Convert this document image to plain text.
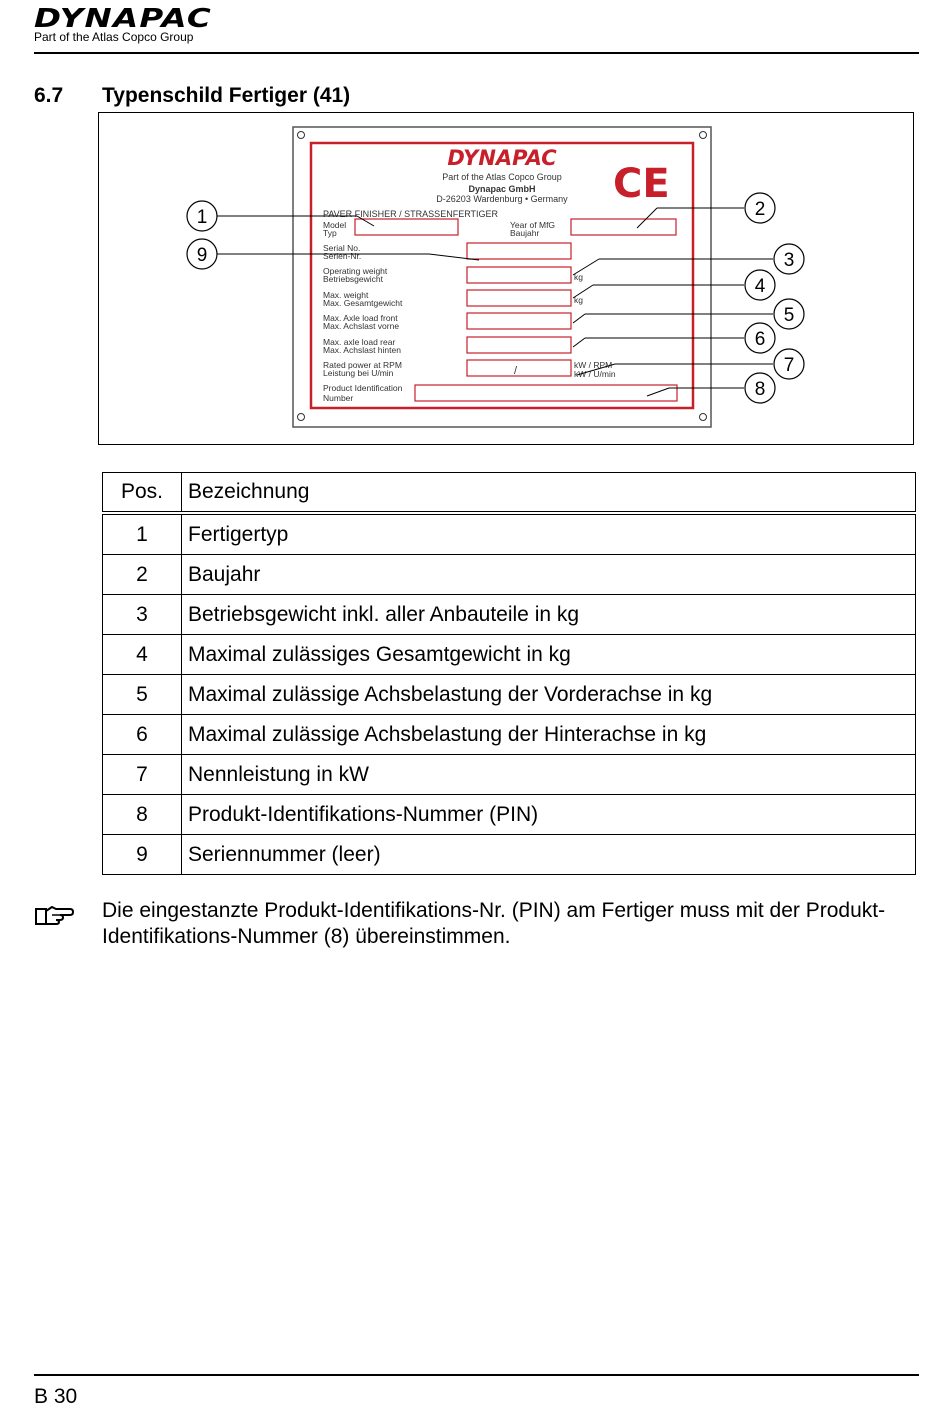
DYNAPAC
Part of the Atlas Copco Group
6.7 Typenschild Fertiger (41)
DYNAPAC
Part of the Atlas Copco Group
Dynapac GmbH
D-26203 Wardenburg • Germany CE
PAVER FINISHER / STRASSENFERTIGER
Model
Typ
Year of MfG
Baujahr
Serial No.
Serien-Nr.
Operating weight
Betriebsgewicht
Max. weight
Max. Gesamtgewicht
Max. Axle load front
Max. Achslast vorne
Max. axle load rear
Max. Achslast hinten
Rated power at RPM
Leistung bei U/min
Product Identification
Number
kg
kg
kW / RPM
kW / U/min
/
1	2
3
4
5
6
7
8
9
Pos.	Bezeichnung
1	Fertigertyp
2	Baujahr
3	Betriebsgewicht inkl. aller Anbauteile in kg
4	Maximal zulässiges Gesamtgewicht in kg
5	Maximal zulässige Achsbelastung der Vorderachse in kg
6	Maximal zulässige Achsbelastung der Hinterachse in kg
7	Nennleistung in kW
8	Produkt-Identifikations-Nummer (PIN)
9	Seriennummer (leer)
Die eingestanzte Produkt-Identifikations-Nr. (PIN) am Fertiger muss mit der Produkt-Identifikations-Nummer (8) übereinstimmen.
B 30
